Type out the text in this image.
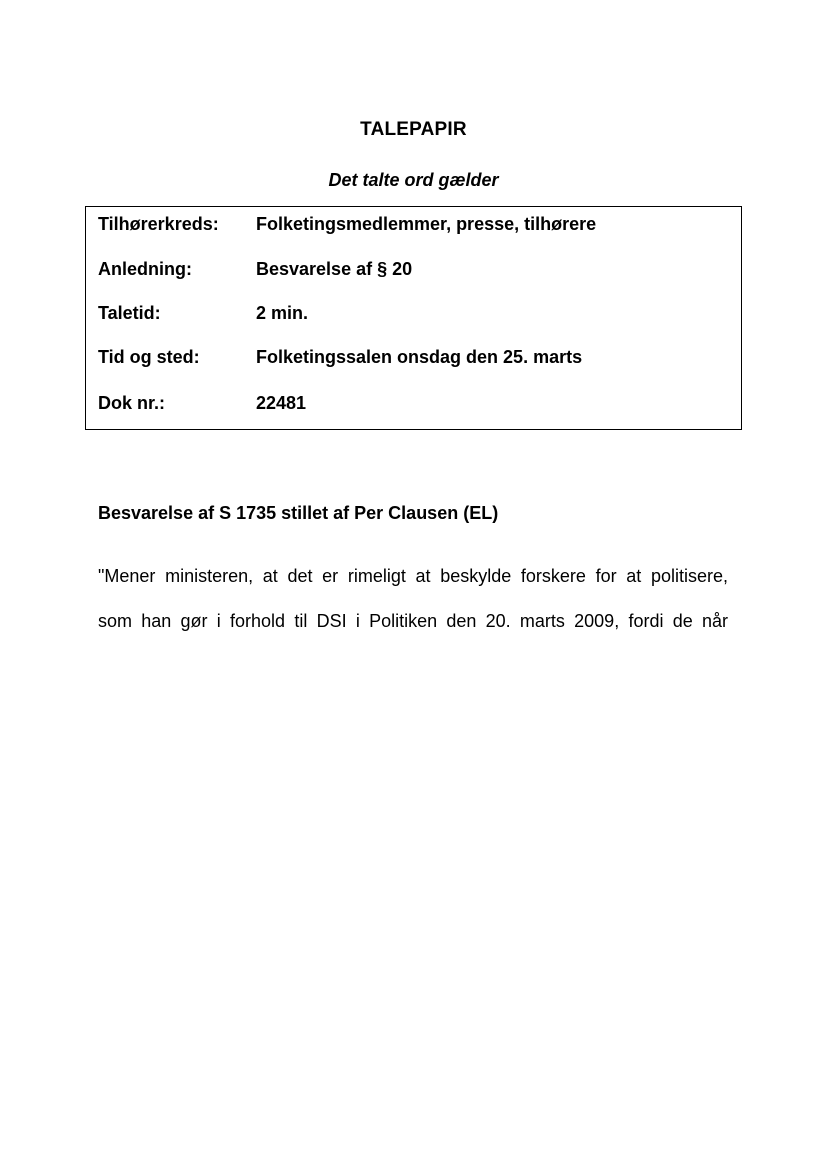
TALEPAPIR
Det talte ord gælder
Tilhørerkreds: Folketingsmedlemmer, presse, tilhørere
Anledning:	Besvarelse af § 20
Taletid:	2 min.
Tid og sted:	Folketingssalen onsdag den 25. marts
Dok nr.:	22481
Besvarelse af S 1735 stillet af Per Clausen (EL)
"Mener ministeren, at det er rimeligt at beskylde forskere for at politisere,
som han gør i forhold til DSI i Politiken den 20. marts 2009, fordi de når
